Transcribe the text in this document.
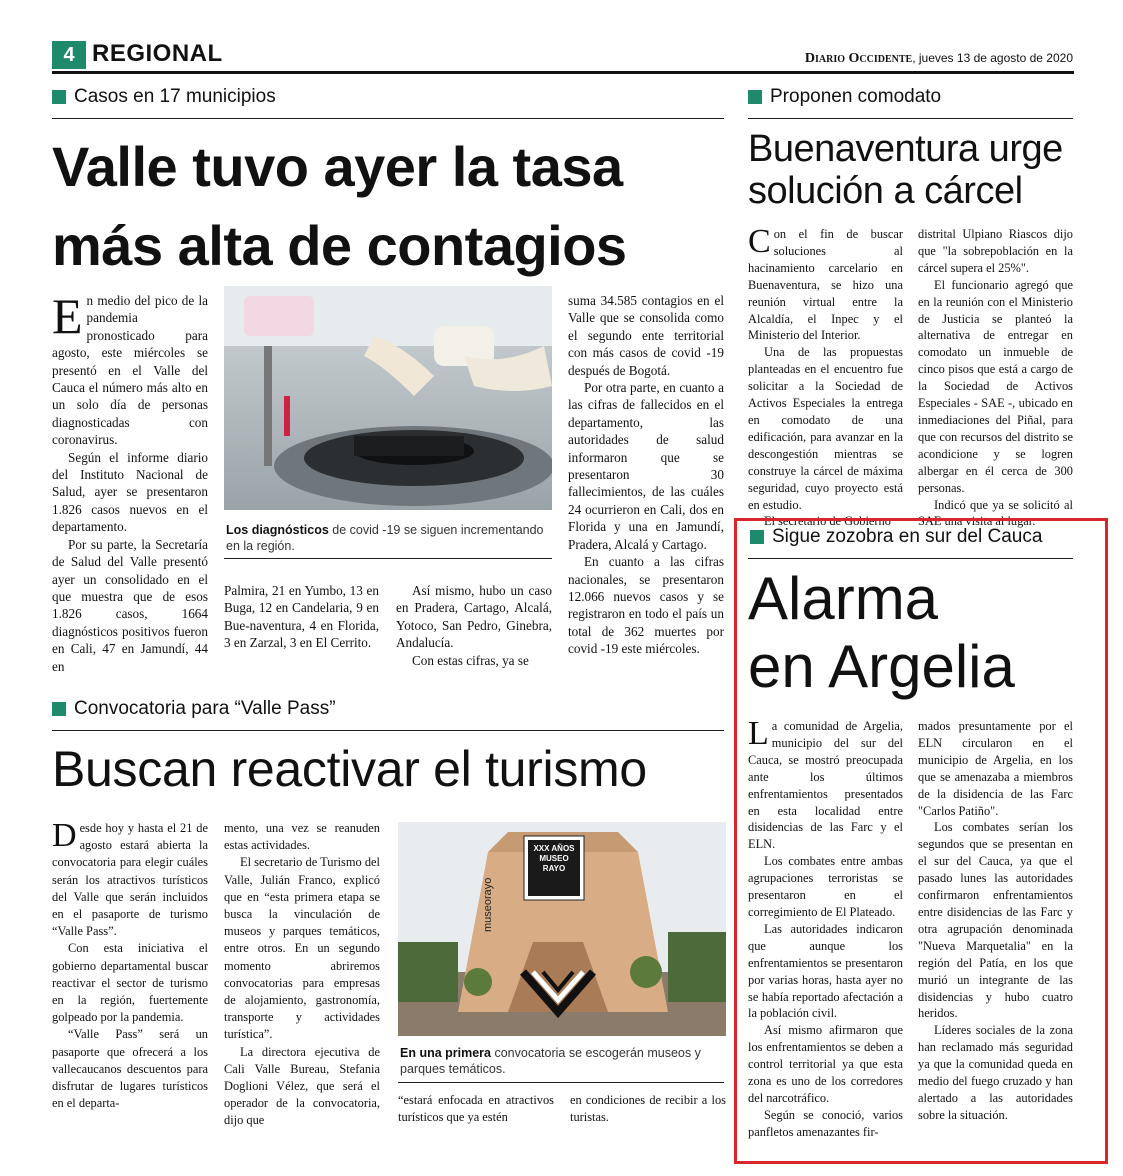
4 REGIONAL	Diario Occidente, jueves 13 de agosto de 2020
Casos en 17 municipios
Valle tuvo ayer la tasa más alta de contagios

En medio del pico de la pandemia pronosticado para agosto, este miércoles se presentó en el Valle del Cauca el número más alto en un solo día de personas diagnosticadas con coronavirus.

Según el informe diario del Instituto Nacional de Salud, ayer se presentaron 1.826 casos nuevos en el departamento.

Por su parte, la Secretaría de Salud del Valle presentó ayer un consolidado en el que muestra que de esos 1.826 casos, 1664 diagnósticos positivos fueron en Cali, 47 en Jamundí, 44 en

Los diagnósticos de covid -19 se siguen incrementando en la región.

Palmira, 21 en Yumbo, 13 en Buga, 12 en Candelaria, 9 en Bue-naventura, 4 en Florida, 3 en Zarzal, 3 en El Cerrito.

Así mismo, hubo un caso en Pradera, Cartago, Alcalá, Yotoco, San Pedro, Ginebra, Andalucía.

Con estas cifras, ya se

suma 34.585 contagios en el Valle que se consolida como el segundo ente territorial con más casos de covid -19 después de Bogotá.

Por otra parte, en cuanto a las cifras de fallecidos en el departamento, las autoridades de salud informaron que se presentaron 30 fallecimientos, de las cuáles 24 ocurrieron en Cali, dos en Florida y una en Jamundí, Pradera, Alcalá y Cartago.

En cuanto a las cifras nacionales, se presentaron 12.066 nuevos casos y se registraron en todo el país un total de 362 muertes por covid -19 este miércoles.

Proponen comodato
Buenaventura urge solución a cárcel

Con el fin de buscar soluciones al hacinamiento carcelario en Buenaventura, se hizo una reunión virtual entre la Alcaldía, el Inpec y el Ministerio del Interior.

Una de las propuestas planteadas en el encuentro fue solicitar a la Sociedad de Activos Especiales la entrega en comodato de una edificación, para avanzar en la descongestión mientras se construye la cárcel de máxima seguridad, cuyo proyecto está en estudio.

El secretario de Gobierno

distrital Ulpiano Riascos dijo que "la sobrepoblación en la cárcel supera el 25%".

El funcionario agregó que en la reunión con el Ministerio de Justicia se planteó la alternativa de entregar en comodato un inmueble de cinco pisos que está a cargo de la Sociedad de Activos Especiales - SAE -, ubicado en inmediaciones del Piñal, para que con recursos del distrito se acondicione y se logren albergar en él cerca de 300 personas.

Indicó que ya se solicitó al SAE una visita al lugar.

Sigue zozobra en sur del Cauca
Alarma
en Argelia

La comunidad de Argelia, municipio del sur del Cauca, se mostró preocupada ante los últimos enfrentamientos presentados en esta localidad entre disidencias de las Farc y el ELN.

Los combates entre ambas agrupaciones terroristas se presentaron en el corregimiento de El Plateado.

Las autoridades indicaron que aunque los enfrentamientos se presentaron por varias horas, hasta ayer no se había reportado afectación a la población civil.

Así mismo afirmaron que los enfrentamientos se deben a control territorial ya que esta zona es uno de los corredores del narcotráfico.

Según se conoció, varios panfletos amenazantes fir-

mados presuntamente por el ELN circularon en el municipio de Argelia, en los que se amenazaba a miembros de la disidencia de las Farc "Carlos Patiño".

Los combates serían los segundos que se presentan en el sur del Cauca, ya que el pasado lunes las autoridades confirmaron enfrentamientos entre disidencias de las Farc y otra agrupación denominada "Nueva Marquetalia" en la región del Patía, en los que murió un integrante de las disidencias y hubo cuatro heridos.

Líderes sociales de la zona han reclamado más seguridad ya que la comunidad queda en medio del fuego cruzado y han alertado a las autoridades sobre la situación.

Convocatoria para “Valle Pass”
Buscan reactivar el turismo

Desde hoy y hasta el 21 de agosto estará abierta la convocatoria para elegir cuáles serán los atractivos turísticos del Valle que serán incluidos en el pasaporte de turismo “Valle Pass”.

Con esta iniciativa el gobierno departamental buscar reactivar el sector de turismo en la región, fuertemente golpeado por la pandemia.

“Valle Pass” será un pasaporte que ofrecerá a los vallecaucanos descuentos para disfrutar de lugares turísticos en el departa-

mento, una vez se reanuden estas actividades.

El secretario de Turismo del Valle, Julián Franco, explicó que en “esta primera etapa se busca la vinculación de museos y parques temáticos, entre otros. En un segundo momento abriremos convocatorias para empresas de alojamiento, gastronomía, transporte y actividades turística”.

La directora ejecutiva de Cali Valle Bureau, Stefania Doglioni Vélez, que será el operador de la convocatoria, dijo que

XXX AÑOS MUSEO RAYO
museorayo
En una primera convocatoria se escogerán museos y parques temáticos.

“estará enfocada en atractivos turísticos que ya estén

en condiciones de recibir a los turistas.
